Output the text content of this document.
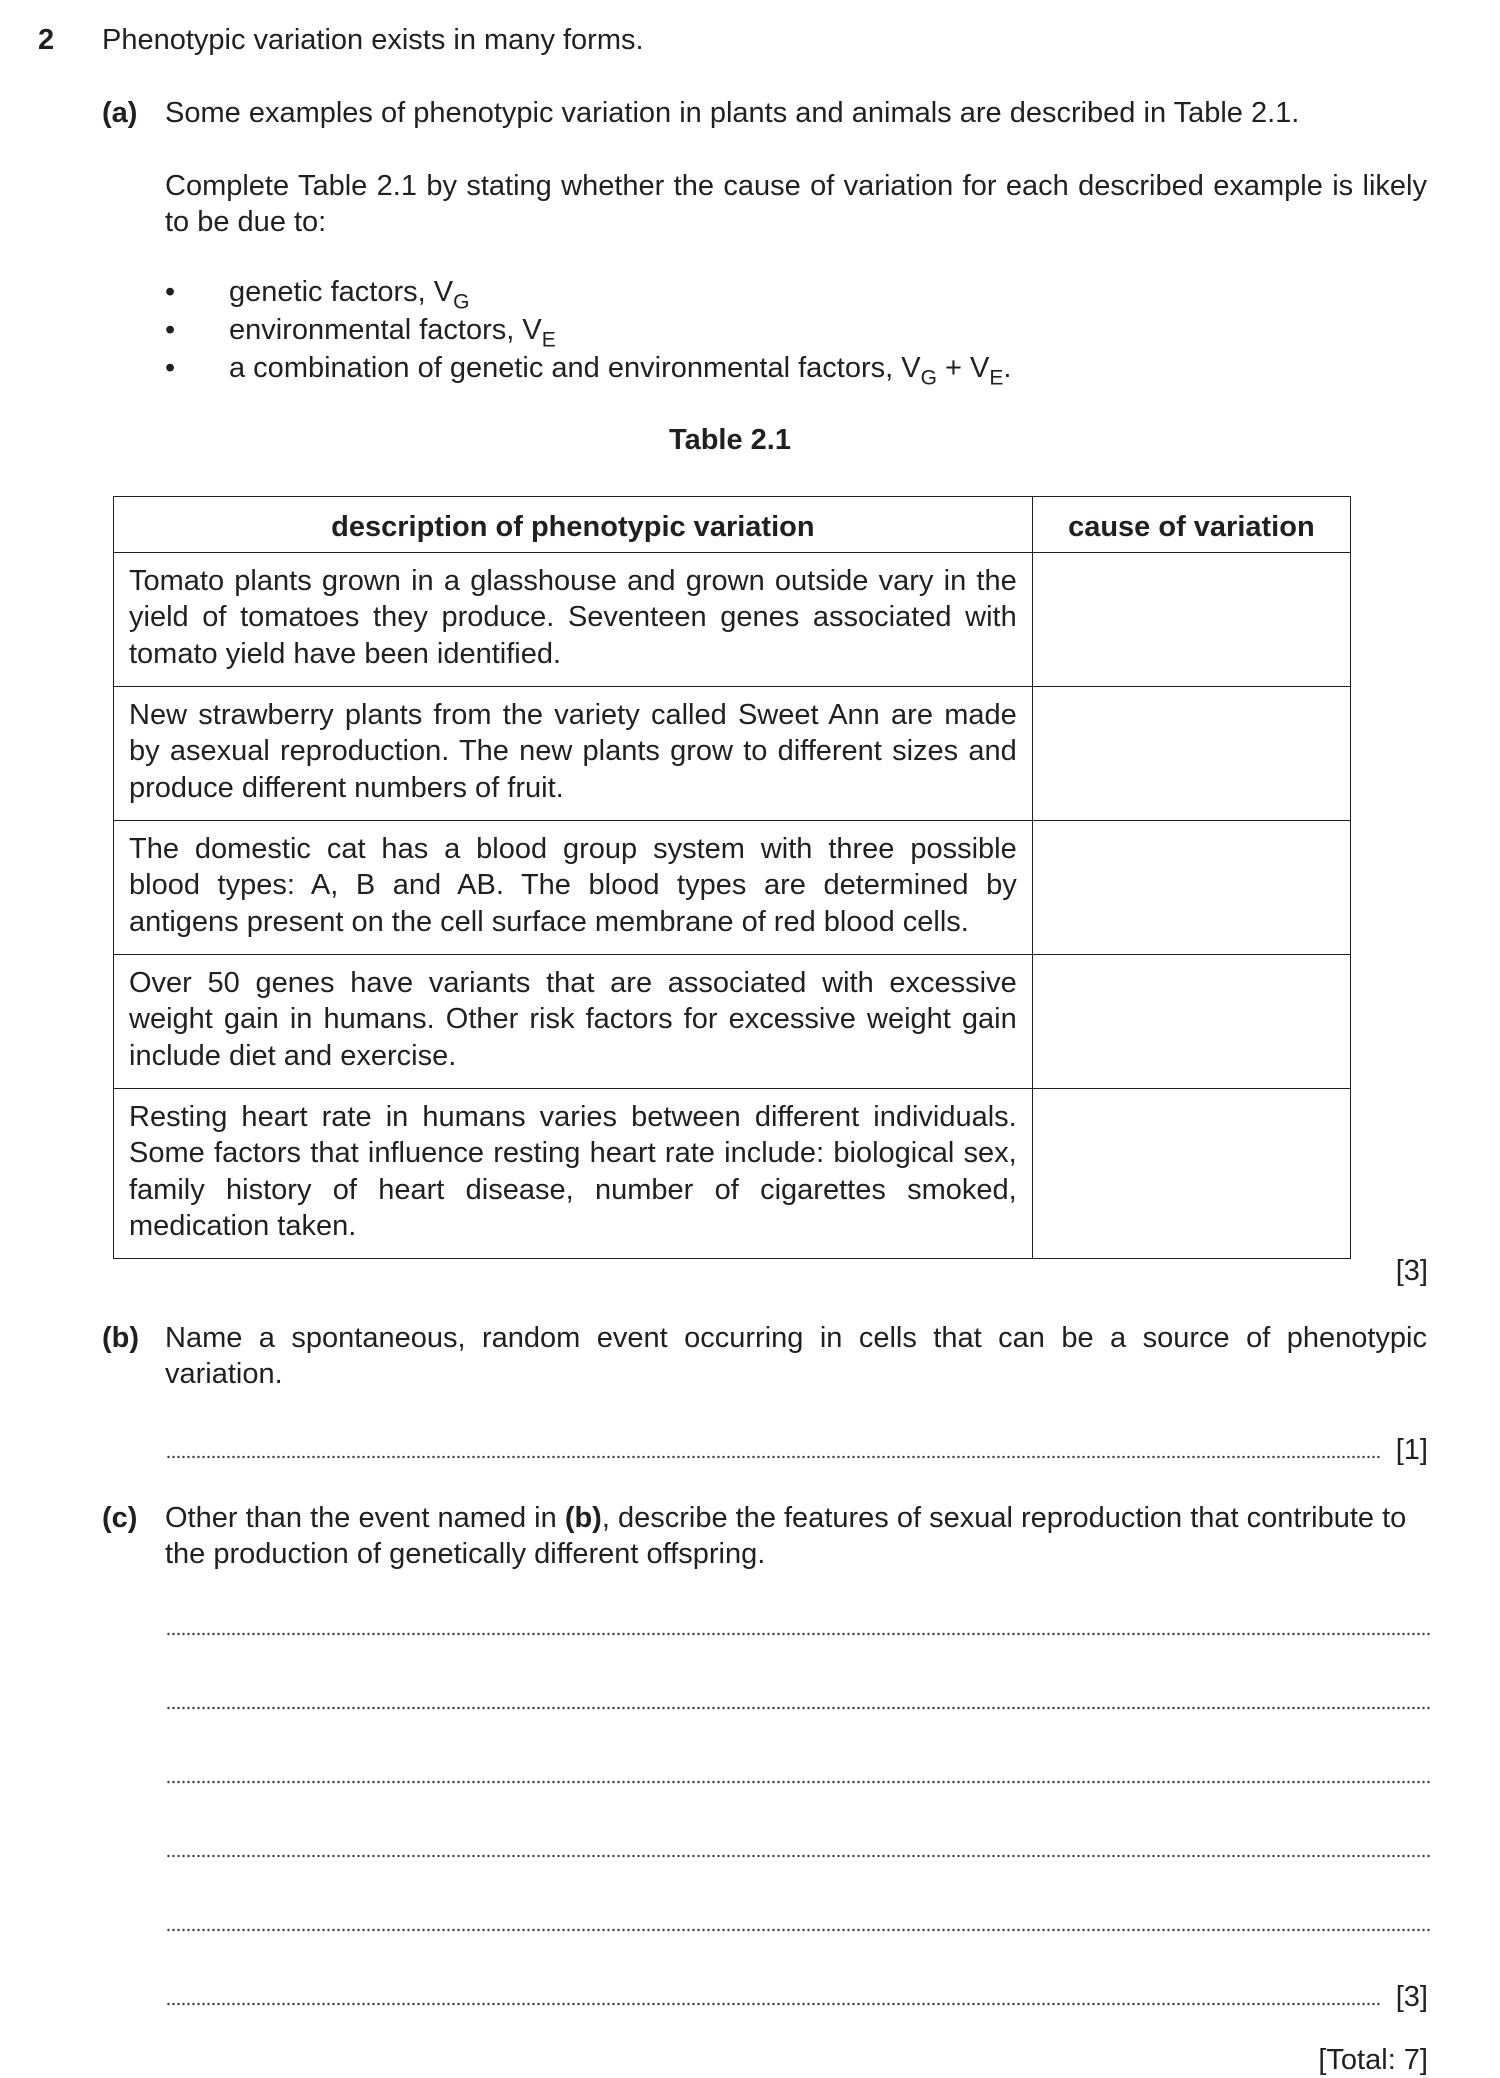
2 Phenotypic variation exists in many forms.
(a) Some examples of phenotypic variation in plants and animals are described in Table 2.1.
Complete Table 2.1 by stating whether the cause of variation for each described example is likely to be due to:
• genetic factors, $V_G$
• environmental factors, $V_E$
• a combination of genetic and environmental factors, $V_G + V_E$.
Table 2.1
description of phenotypic variation	cause of variation
Tomato plants grown in a glasshouse and grown outside vary in the yield of tomatoes they produce. Seventeen genes associated with tomato yield have been identified.	
New strawberry plants from the variety called Sweet Ann are made by asexual reproduction. The new plants grow to different sizes and produce different numbers of fruit.	
The domestic cat has a blood group system with three possible blood types: A, B and AB. The blood types are determined by antigens present on the cell surface membrane of red blood cells.	
Over 50 genes have variants that are associated with excessive weight gain in humans. Other risk factors for excessive weight gain include diet and exercise.	
Resting heart rate in humans varies between different individuals. Some factors that influence resting heart rate include: biological sex, family history of heart disease, number of cigarettes smoked, medication taken.	
[3]
(b) Name a spontaneous, random event occurring in cells that can be a source of phenotypic variation.
[1]
(c) Other than the event named in (b), describe the features of sexual reproduction that contribute to the production of genetically different offspring.
[3]
[Total: 7]
